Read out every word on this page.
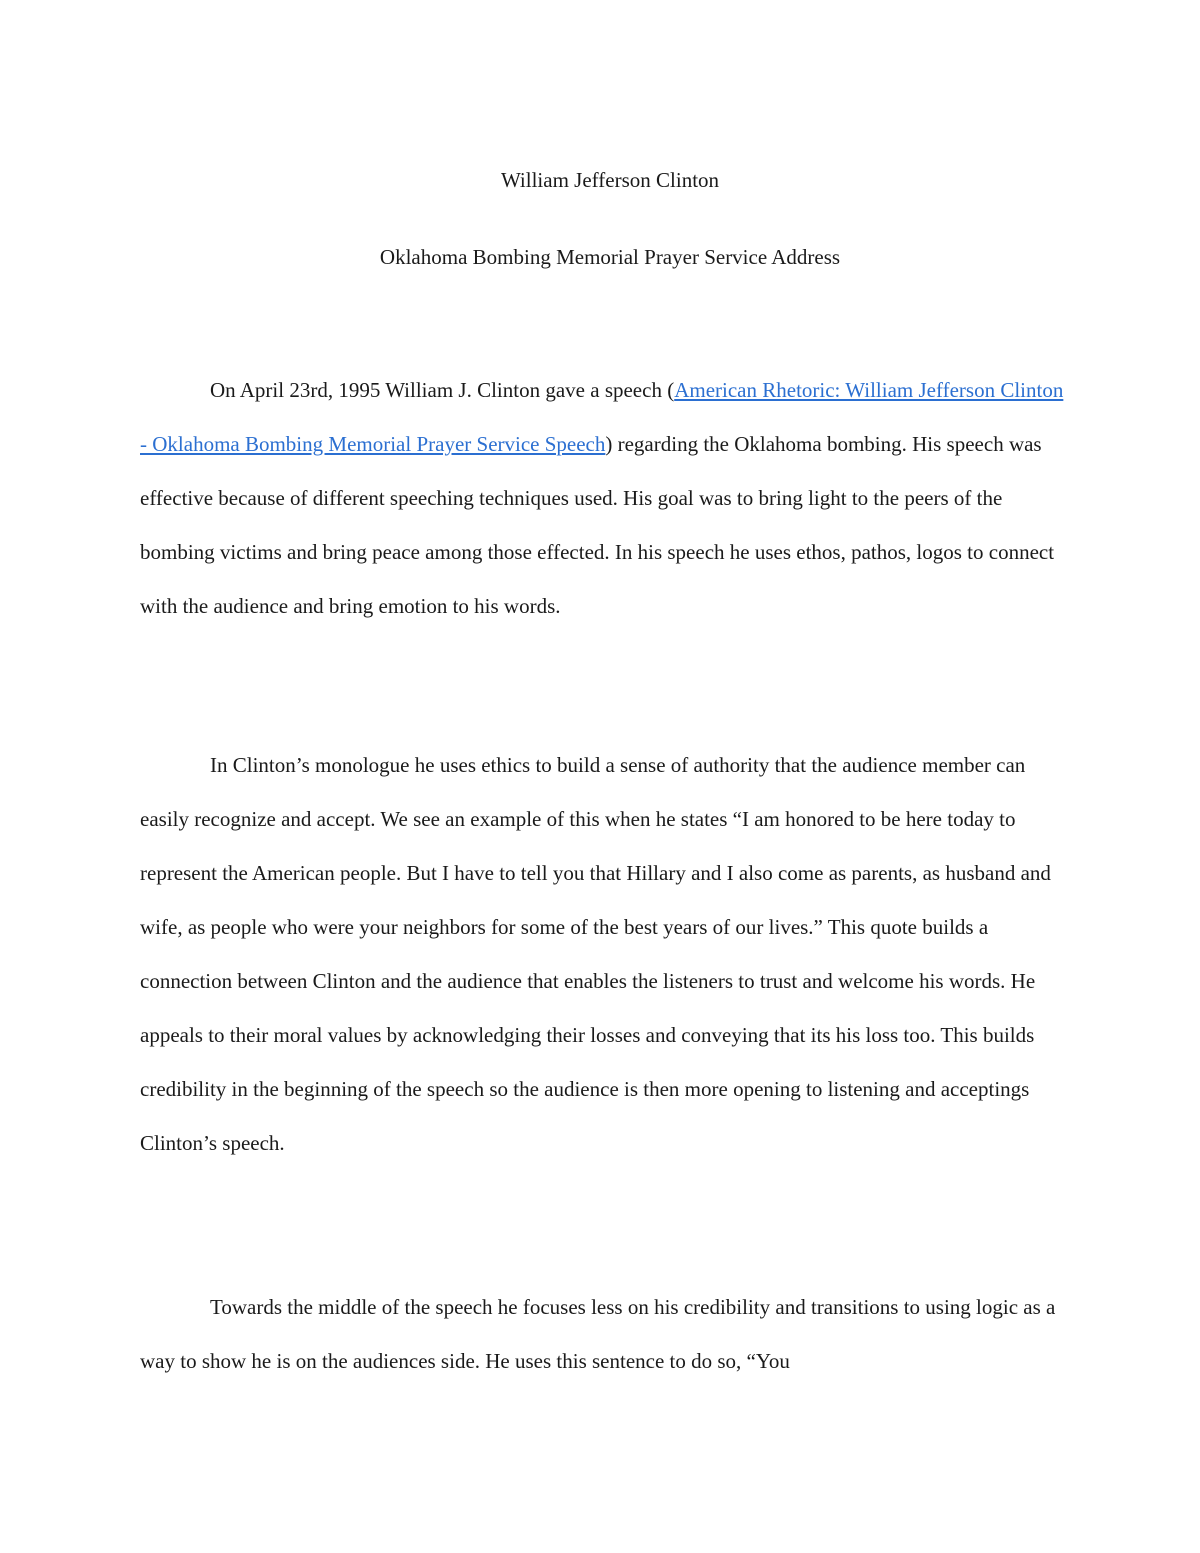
William Jefferson Clinton
Oklahoma Bombing Memorial Prayer Service Address
On April 23rd, 1995 William J. Clinton gave a speech (American Rhetoric: William Jefferson Clinton - Oklahoma Bombing Memorial Prayer Service Speech) regarding the Oklahoma bombing. His speech was effective because of different speeching techniques used. His goal was to bring light to the peers of the bombing victims and bring peace among those effected. In his speech he uses ethos, pathos, logos to connect with the audience and bring emotion to his words.
In Clinton’s monologue he uses ethics to build a sense of authority that the audience member can easily recognize and accept. We see an example of this when he states “I am honored to be here today to represent the American people. But I have to tell you that Hillary and I also come as parents, as husband and wife, as people who were your neighbors for some of the best years of our lives.” This quote builds a connection between Clinton and the audience that enables the listeners to trust and welcome his words. He appeals to their moral values by acknowledging their losses and conveying that its his loss too. This builds credibility in the beginning of the speech so the audience is then more opening to listening and acceptings Clinton’s speech.
Towards the middle of the speech he focuses less on his credibility and transitions to using logic as a way to show he is on the audiences side. He uses this sentence to do so, “You
